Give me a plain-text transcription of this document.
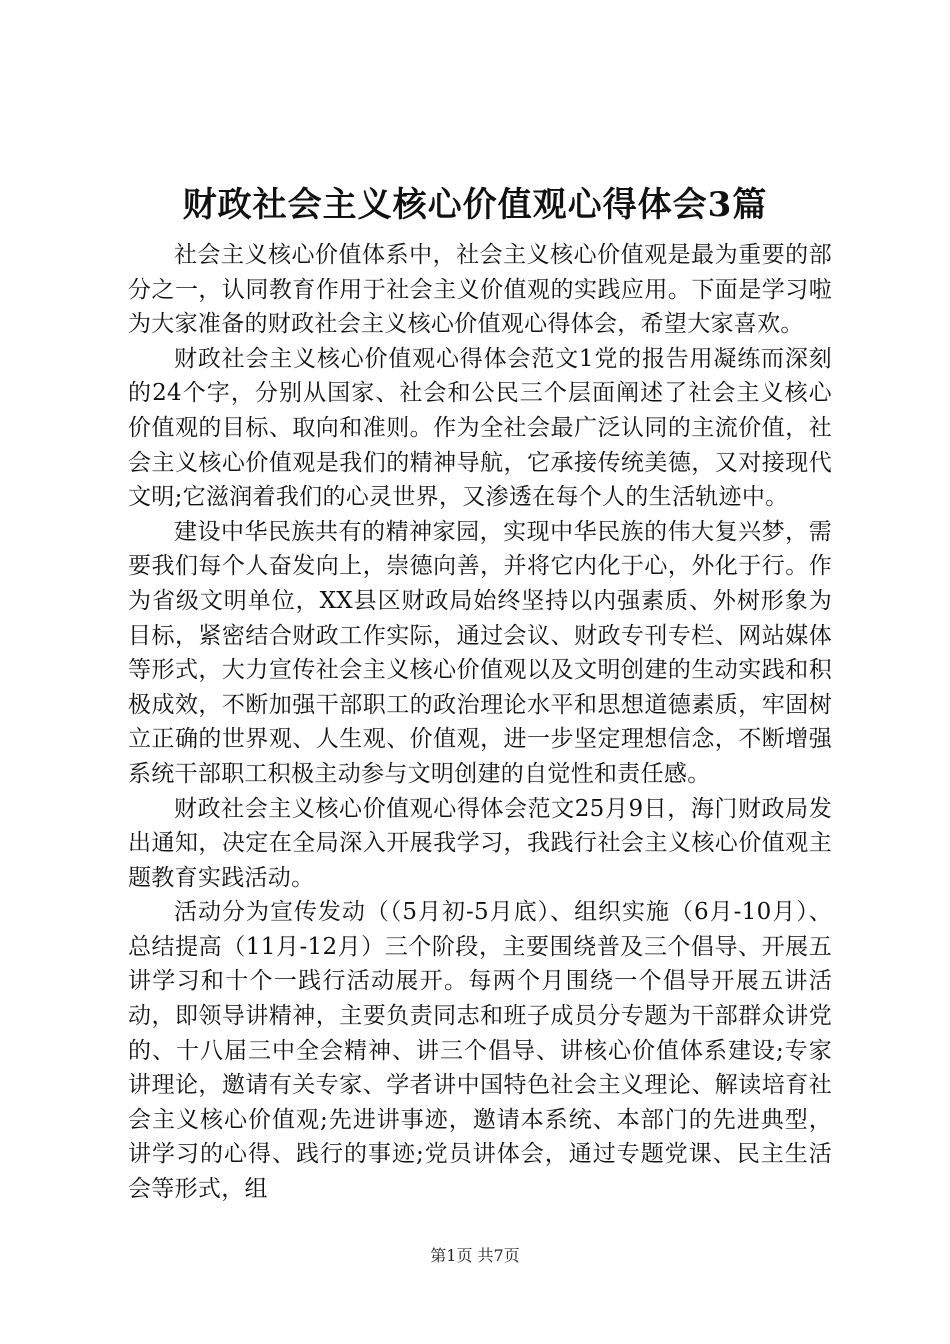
财政社会主义核心价值观心得体会3篇

社会主义核心价值体系中，社会主义核心价值观是最为重要的部分之一，认同教育作用于社会主义价值观的实践应用。下面是学习啦为大家准备的财政社会主义核心价值观心得体会，希望大家喜欢。

财政社会主义核心价值观心得体会范文1党的报告用凝练而深刻的24个字，分别从国家、社会和公民三个层面阐述了社会主义核心价值观的目标、取向和准则。作为全社会最广泛认同的主流价值，社会主义核心价值观是我们的精神导航，它承接传统美德，又对接现代文明;它滋润着我们的心灵世界，又渗透在每个人的生活轨迹中。

建设中华民族共有的精神家园，实现中华民族的伟大复兴梦，需要我们每个人奋发向上，崇德向善，并将它内化于心，外化于行。作为省级文明单位，XX县区财政局始终坚持以内强素质、外树形象为目标，紧密结合财政工作实际，通过会议、财政专刊专栏、网站媒体等形式，大力宣传社会主义核心价值观以及文明创建的生动实践和积极成效，不断加强干部职工的政治理论水平和思想道德素质，牢固树立正确的世界观、人生观、价值观，进一步坚定理想信念，不断增强系统干部职工积极主动参与文明创建的自觉性和责任感。

财政社会主义核心价值观心得体会范文25月9日，海门财政局发出通知，决定在全局深入开展我学习，我践行社会主义核心价值观主题教育实践活动。

活动分为宣传发动（（5月初-5月底）、组织实施（6月-10月）、总结提高（11月-12月）三个阶段，主要围绕普及三个倡导、开展五讲学习和十个一践行活动展开。每两个月围绕一个倡导开展五讲活动，即领导讲精神，主要负责同志和班子成员分专题为干部群众讲党的、十八届三中全会精神、讲三个倡导、讲核心价值体系建设;专家讲理论，邀请有关专家、学者讲中国特色社会主义理论、解读培育社会主义核心价值观;先进讲事迹，邀请本系统、本部门的先进典型，讲学习的心得、践行的事迹;党员讲体会，通过专题党课、民主生活会等形式，组

第1页 共7页
